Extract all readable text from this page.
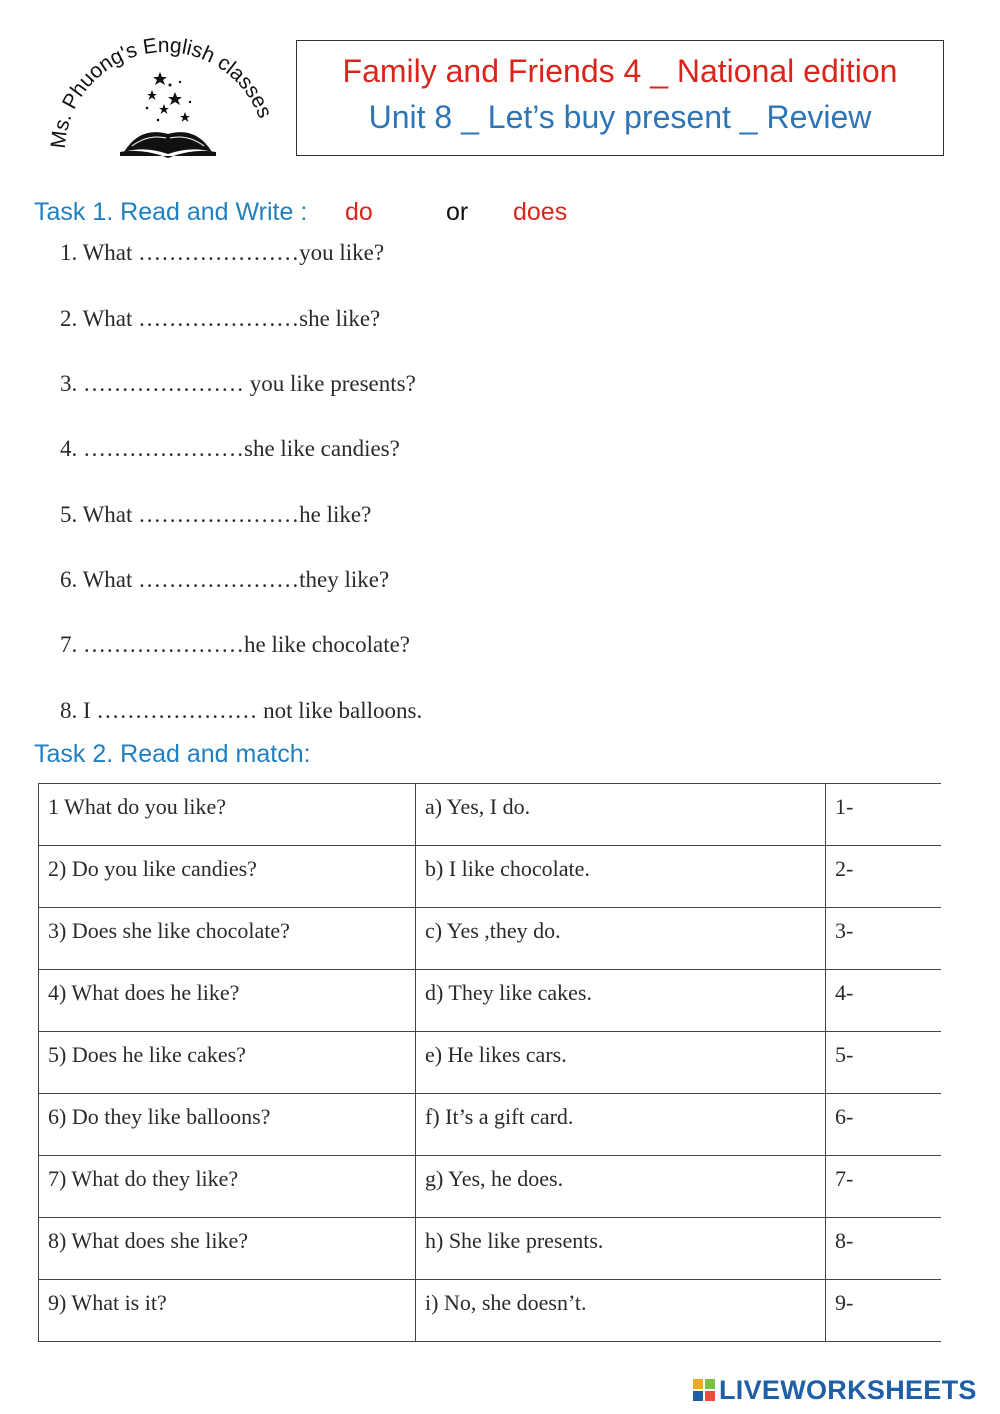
Ms. Phuong's English classes
Family and Friends 4 _ National edition
Unit 8 _ Let’s buy present _ Review
Task 1. Read and Write : do	or does
1. What …………………you like?
2. What …………………she like?
3. ………………… you like presents?
4. …………………she like candies?
5. What …………………he like?
6. What …………………they like?
7. …………………he like chocolate?
8. I ………………… not like balloons.
Task 2. Read and match:
1 What do you like?	a) Yes, I do.	1-
2) Do you like candies?	b) I like chocolate.	2-
3) Does she like chocolate?	c) Yes ,they do.	3-
4) What does he like?	d) They like cakes.	4-
5) Does he like cakes?	e) He likes cars.	5-
6) Do they like balloons?	f) It’s a gift card.	6-
7) What do they like?	g) Yes, he does.	7-
8) What does she like?	h) She like presents.	8-
9) What is it?	i) No, she doesn’t.	9-
LIVEWORKSHEETS
